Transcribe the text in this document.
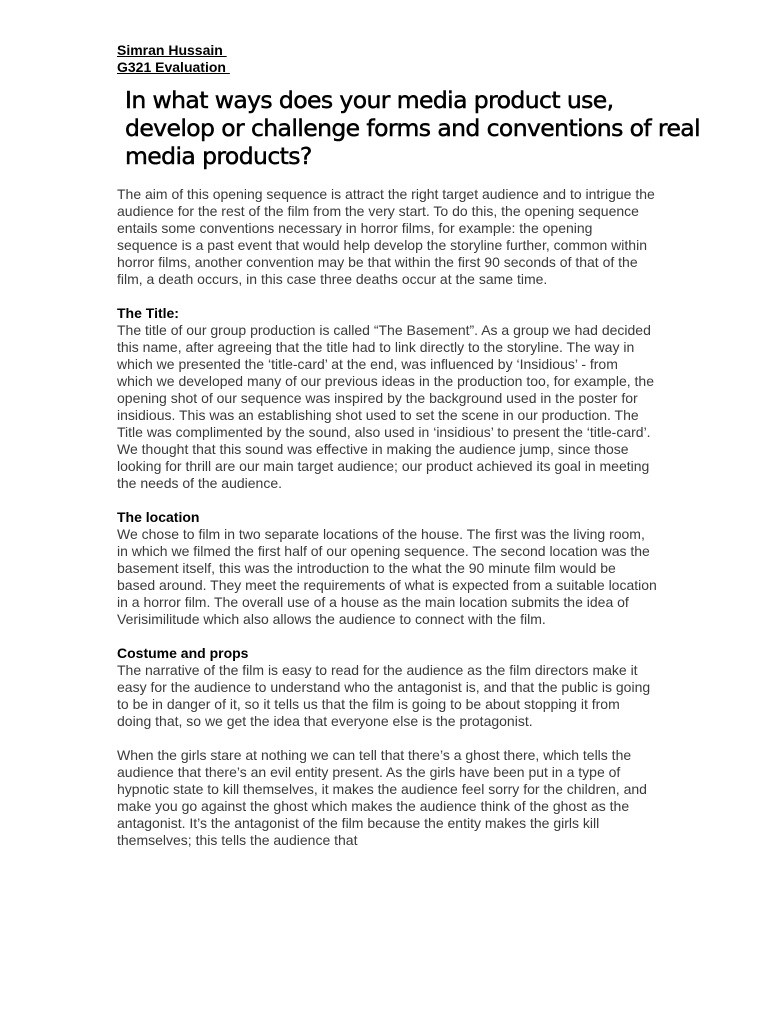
Simran Hussain
G321 Evaluation
In what ways does your media product use, develop or challenge forms and conventions of real media products?

The aim of this opening sequence is attract the right target audience and to intrigue the audience for the rest of the film from the very start. To do this, the opening sequence entails some conventions necessary in horror films, for example: the opening sequence is a past event that would help develop the storyline further, common within horror films, another convention may be that within the first 90 seconds of that of the film, a death occurs, in this case three deaths occur at the same time.

The Title:

The title of our group production is called “The Basement”. As a group we had decided this name, after agreeing that the title had to link directly to the storyline. The way in which we presented the ‘title-card’ at the end, was influenced by ‘Insidious’ - from which we developed many of our previous ideas in the production too, for example, the opening shot of our sequence was inspired by the background used in the poster for insidious. This was an establishing shot used to set the scene in our production. The Title was complimented by the sound, also used in ‘insidious’ to present the ‘title-card’. We thought that this sound was effective in making the audience jump, since those looking for thrill are our main target audience; our product achieved its goal in meeting the needs of the audience.

The location

We chose to film in two separate locations of the house. The first was the living room, in which we filmed the first half of our opening sequence. The second location was the basement itself, this was the introduction to the what the 90 minute film would be based around. They meet the requirements of what is expected from a suitable location in a horror film. The overall use of a house as the main location submits the idea of Verisimilitude which also allows the audience to connect with the film.

Costume and props

The narrative of the film is easy to read for the audience as the film directors make it easy for the audience to understand who the antagonist is, and that the public is going to be in danger of it, so it tells us that the film is going to be about stopping it from doing that, so we get the idea that everyone else is the protagonist.

When the girls stare at nothing we can tell that there’s a ghost there, which tells the audience that there’s an evil entity present. As the girls have been put in a type of hypnotic state to kill themselves, it makes the audience feel sorry for the children, and make you go against the ghost which makes the audience think of the ghost as the antagonist. It’s the antagonist of the film because the entity makes the girls kill themselves; this tells the audience that
